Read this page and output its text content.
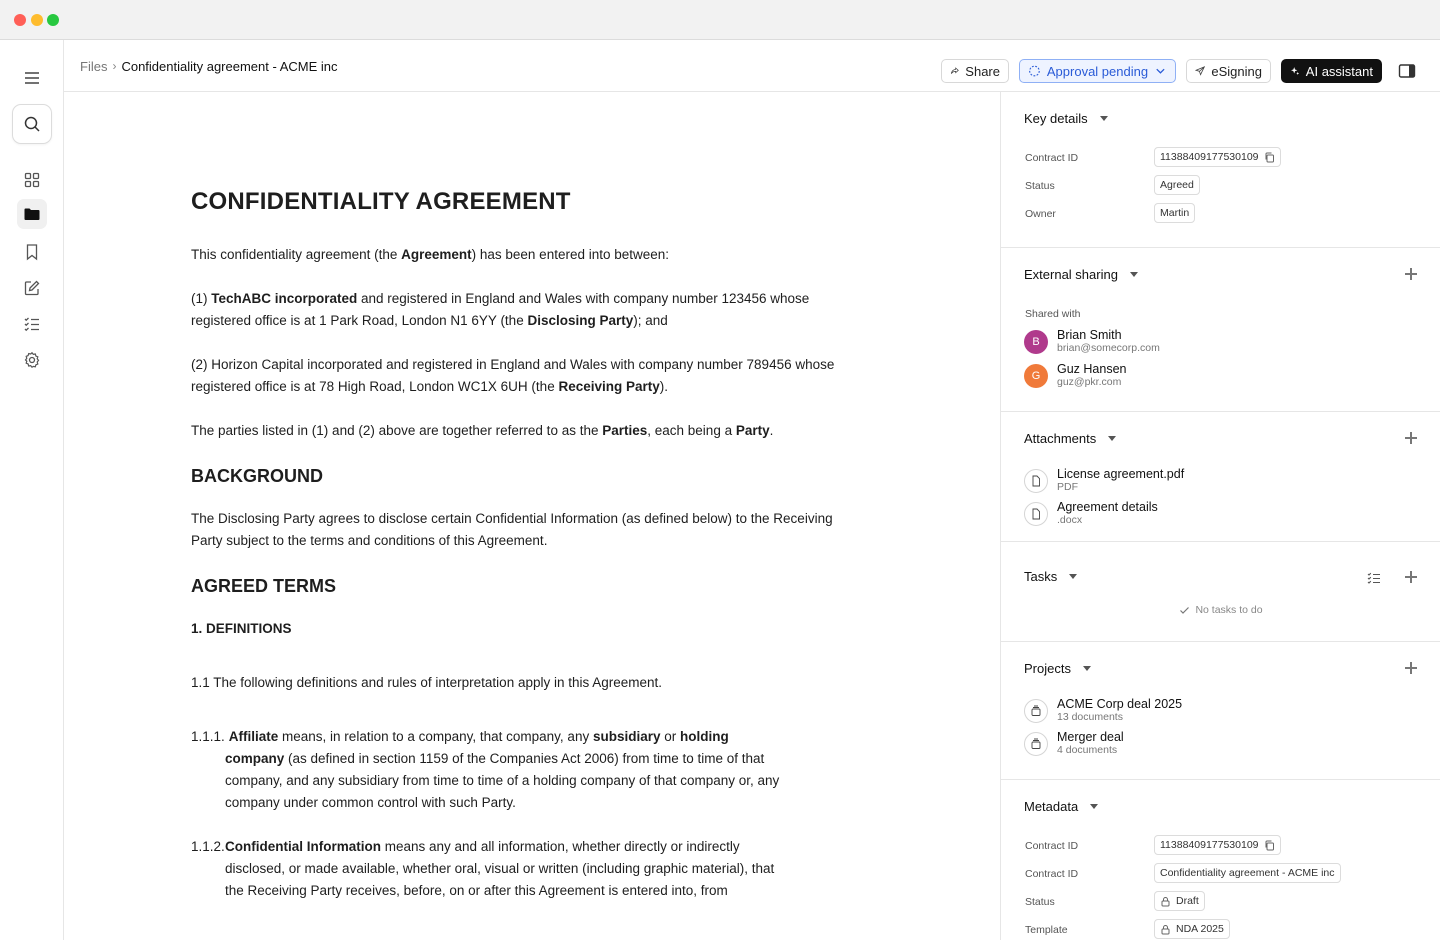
Files › Confidentiality agreement - ACME inc	Share	Approval pending	eSigning	AI assistant
CONFIDENTIALITY AGREEMENT

This confidentiality agreement (the Agreement) has been entered into between:

(1) TechABC incorporated and registered in England and Wales with company number 123456 whose registered office is at 1 Park Road, London N1 6YY (the Disclosing Party); and

(2) Horizon Capital incorporated and registered in England and Wales with company number 789456 whose registered office is at 78 High Road, London WC1X 6UH (the Receiving Party).

The parties listed in (1) and (2) above are together referred to as the Parties, each being a Party.

BACKGROUND

The Disclosing Party agrees to disclose certain Confidential Information (as defined below) to the Receiving Party subject to the terms and conditions of this Agreement.

AGREED TERMS
1. DEFINITIONS

1.1 The following definitions and rules of interpretation apply in this Agreement.

1.1.1. Affiliate means, in relation to a company, that company, any subsidiary or holding company (as defined in section 1159 of the Companies Act 2006) from time to time of that company, and any subsidiary from time to time of a holding company of that company or, any company under common control with such Party.
1.1.2. Confidential Information means any and all information, whether directly or indirectly disclosed, or made available, whether oral, visual or written (including graphic material), that the Receiving Party receives, before, on or after this Agreement is entered into, from
Key details
Contract ID	11388409177530109
Status	Agreed
Owner	Martin
External sharing
Shared with
B	Brian Smith
brian@somecorp.com
G	Guz Hansen
guz@pkr.com
Attachments
License agreement.pdf
PDF
Agreement details
.docx
Tasks
No tasks to do
Projects
ACME Corp deal 2025
13 documents
Merger deal
4 documents
Metadata
Contract ID	11388409177530109
Contract ID	Confidentiality agreement - ACME inc
Status	Draft
Template	NDA 2025
